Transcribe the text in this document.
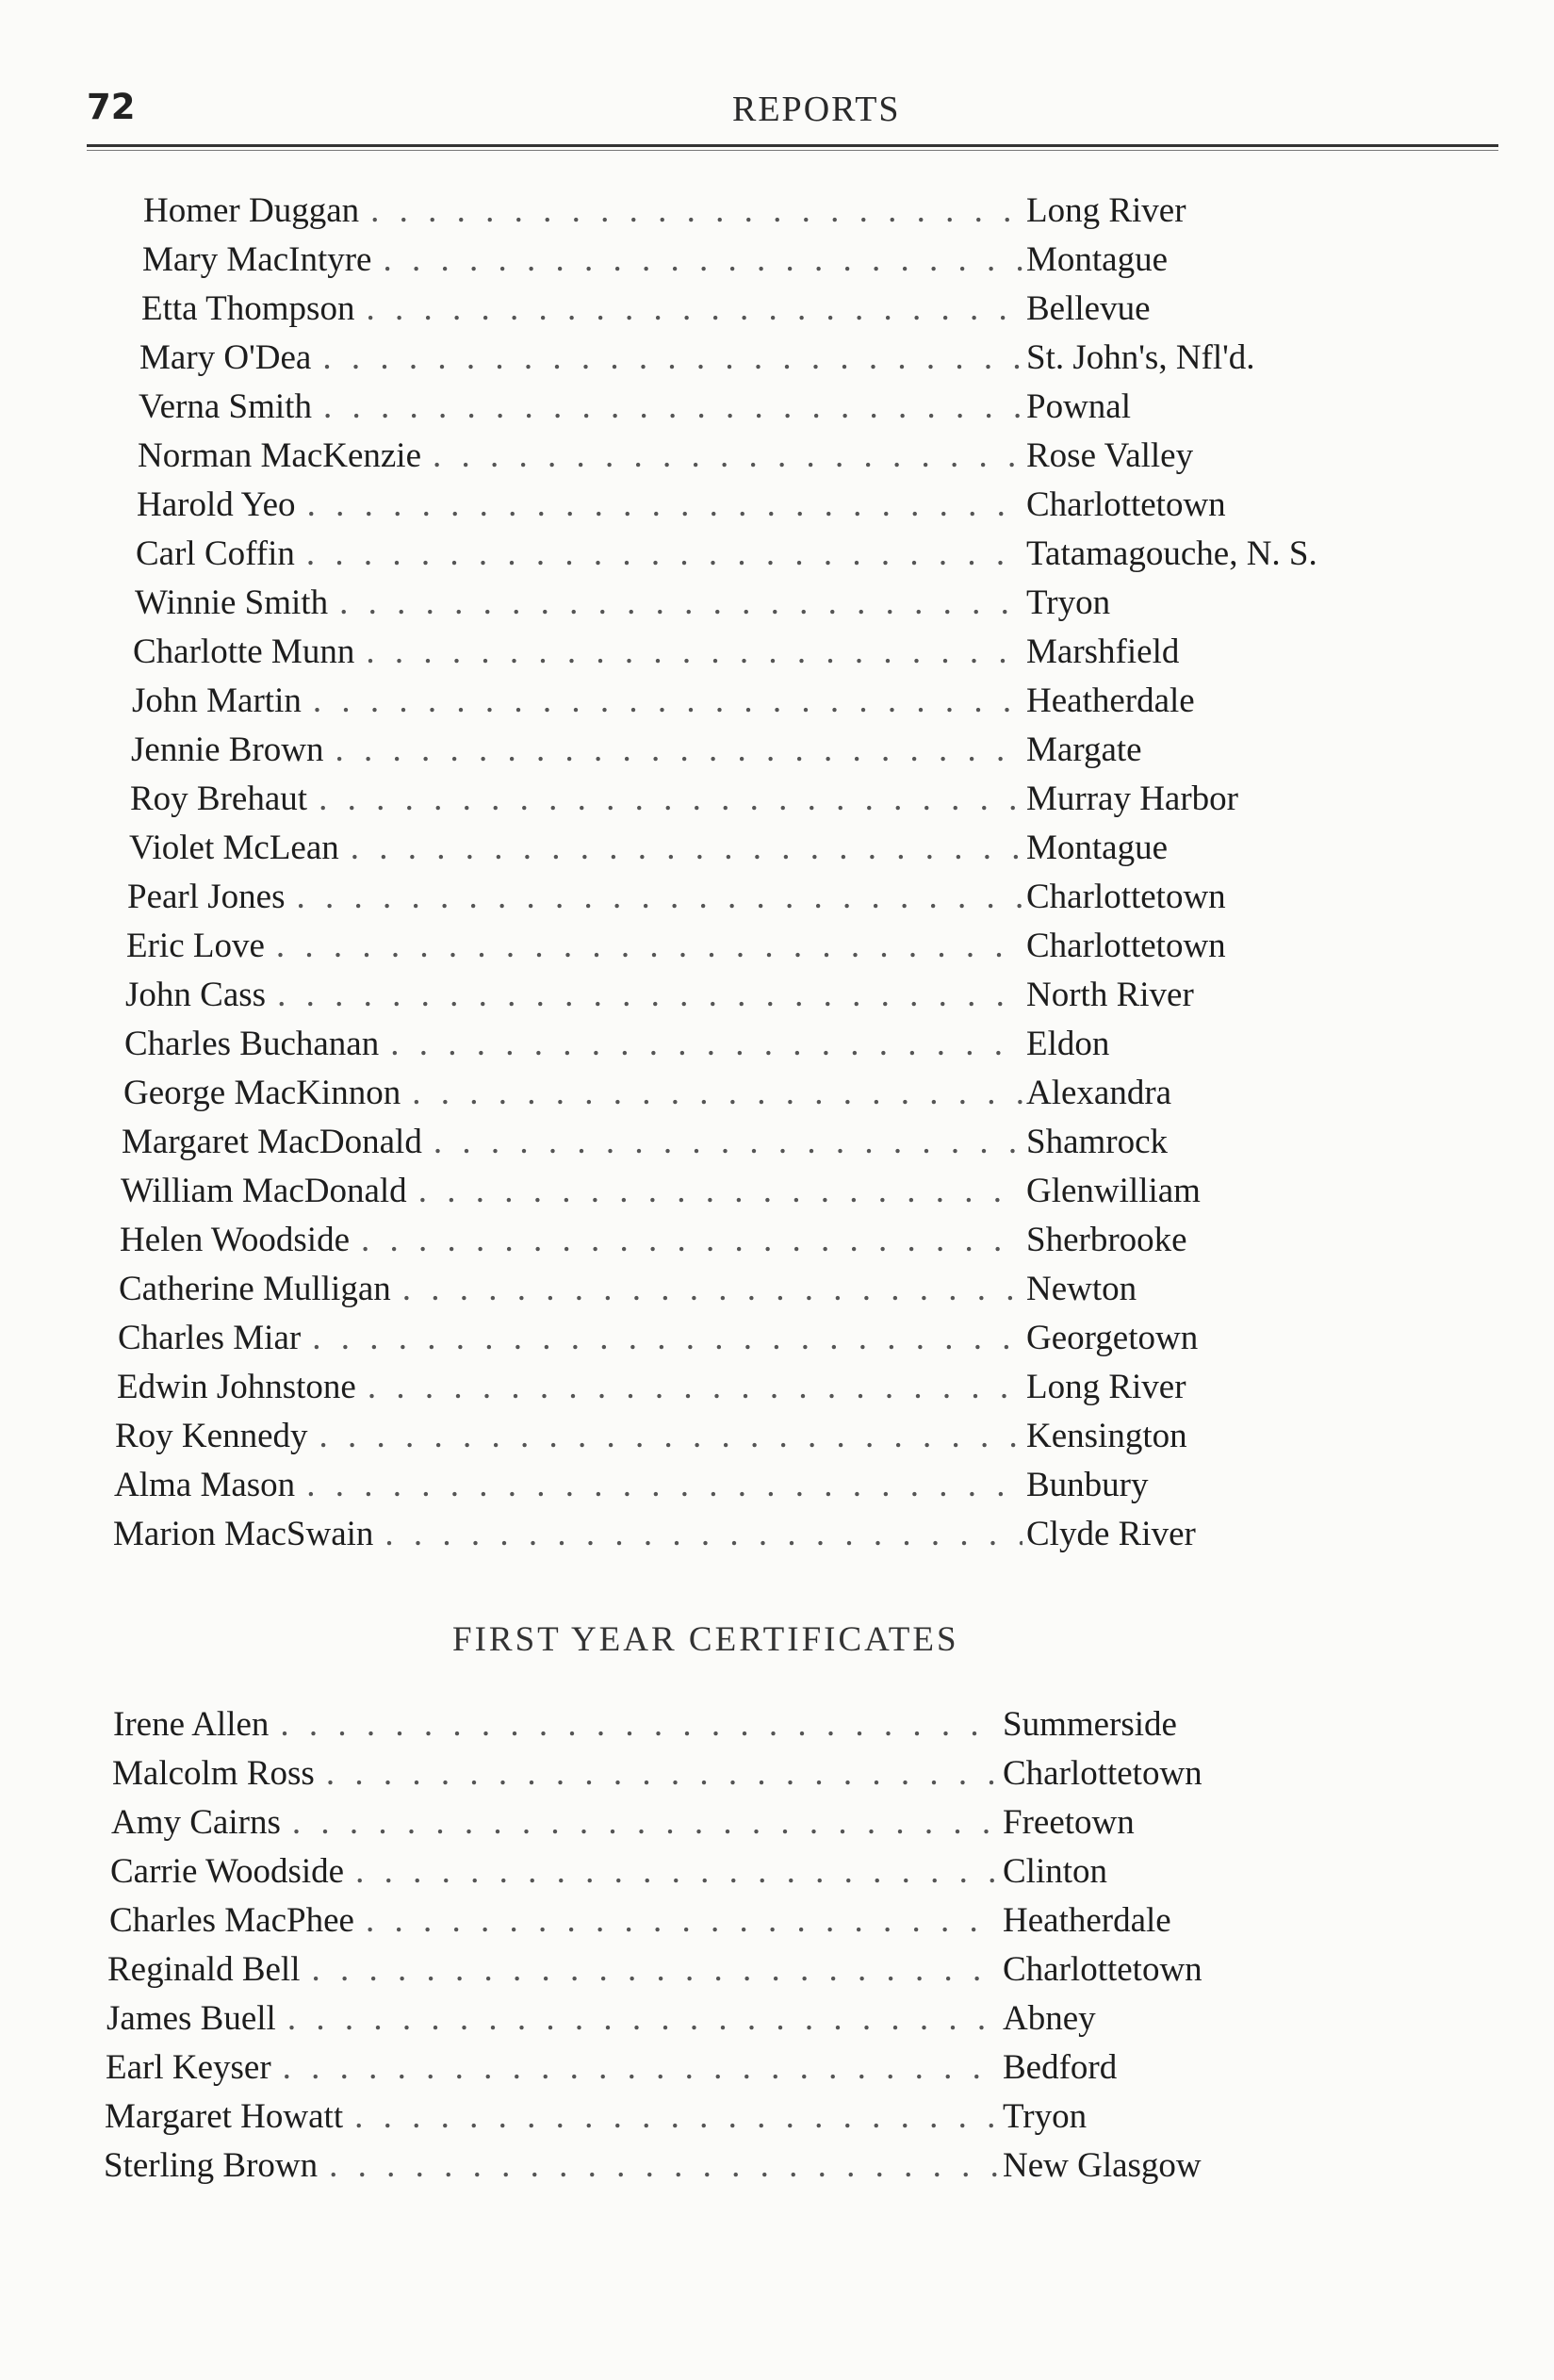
72	REPORTS
Homer Duggan . . .	Long River
Mary MacIntyre . . .	Montague
Etta Thompson . . .	Bellevue
Mary O'Dea . . .	St. John's, Nfl'd.
Verna Smith . . .	Pownal
Norman MacKenzie . . .	Rose Valley
Harold Yeo . . .	Charlottetown
Carl Coffin . . .	Tatamagouche, N. S.
Winnie Smith . . .	Tryon
Charlotte Munn . . .	Marshfield
John Martin . . .	Heatherdale
Jennie Brown . . .	Margate
Roy Brehaut . . .	Murray Harbor
Violet McLean . . .	Montague
Pearl Jones . . .	Charlottetown
Eric Love . . .	Charlottetown
John Cass . . .	North River
Charles Buchanan . . .	Eldon
George MacKinnon . . .	Alexandra
Margaret MacDonald . . .	Shamrock
William MacDonald . . .	Glenwilliam
Helen Woodside . . .	Sherbrooke
Catherine Mulligan . . .	Newton
Charles Miar . . .	Georgetown
Edwin Johnstone . . .	Long River
Roy Kennedy . . .	Kensington
Alma Mason . . .	Bunbury
Marion MacSwain . . .	Clyde River
FIRST YEAR CERTIFICATES
Irene Allen . . .	Summerside
Malcolm Ross . . .	Charlottetown
Amy Cairns . . .	Freetown
Carrie Woodside . . .	Clinton
Charles MacPhee . . .	Heatherdale
Reginald Bell . . .	Charlottetown
James Buell . . .	Abney
Earl Keyser . . .	Bedford
Margaret Howatt . . .	Tryon
Sterling Brown . . .	New Glasgow
